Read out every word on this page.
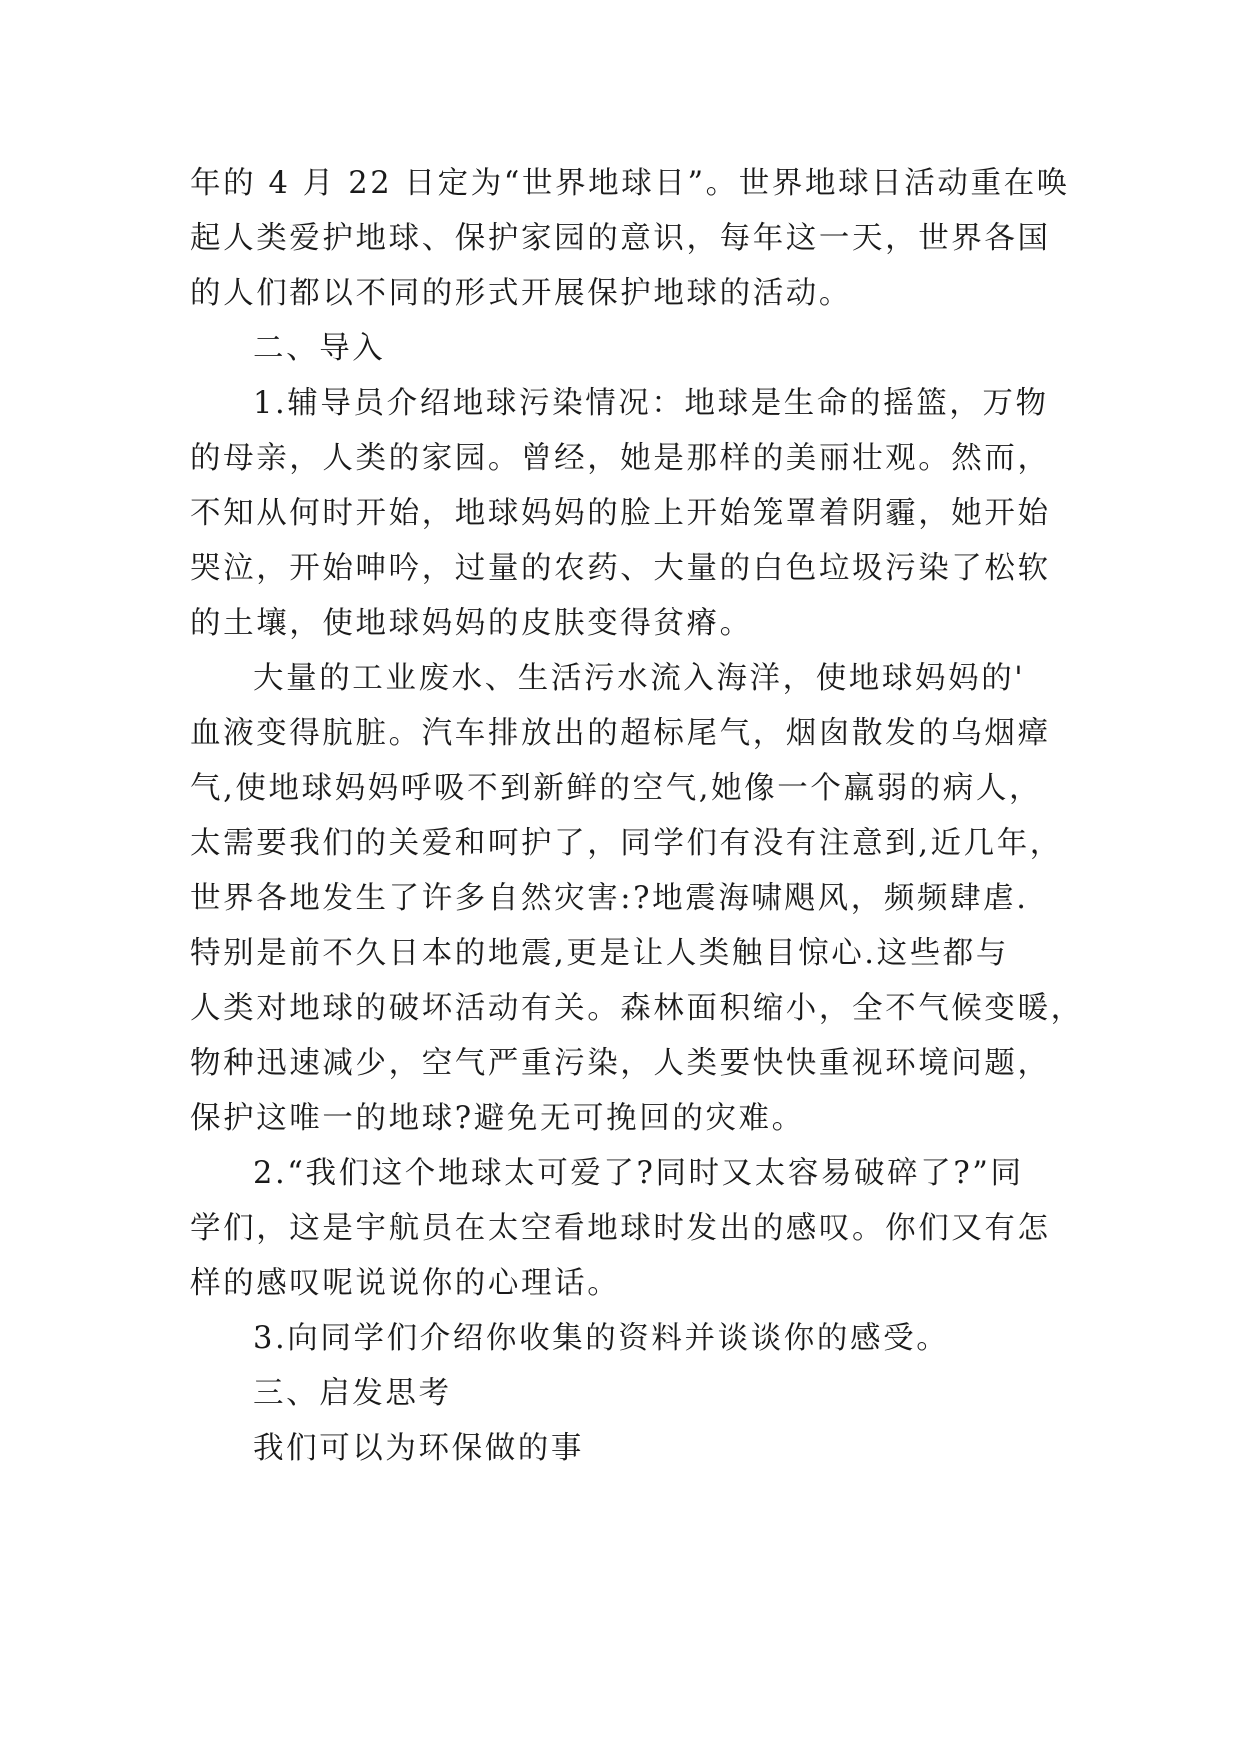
年的 4 月 22 日定为“世界地球日”。世界地球日活动重在唤
起人类爱护地球、保护家园的意识，每年这一天，世界各国
的人们都以不同的形式开展保护地球的活动。
二、导入
1.辅导员介绍地球污染情况：地球是生命的摇篮，万物
的母亲，人类的家园。曾经，她是那样的美丽壮观。然而，
不知从何时开始，地球妈妈的脸上开始笼罩着阴霾，她开始
哭泣，开始呻吟，过量的农药、大量的白色垃圾污染了松软
的土壤，使地球妈妈的皮肤变得贫瘠。
大量的工业废水、生活污水流入海洋，使地球妈妈的'
血液变得肮脏。汽车排放出的超标尾气，烟囱散发的乌烟瘴
气,使地球妈妈呼吸不到新鲜的空气,她像一个羸弱的病人，
太需要我们的关爱和呵护了，同学们有没有注意到,近几年，
世界各地发生了许多自然灾害:?地震海啸飓风，频频肆虐.
特别是前不久日本的地震,更是让人类触目惊心.这些都与
人类对地球的破坏活动有关。森林面积缩小，全不气候变暖，
物种迅速减少，空气严重污染，人类要快快重视环境问题，
保护这唯一的地球?避免无可挽回的灾难。
2.“我们这个地球太可爱了?同时又太容易破碎了?”同
学们，这是宇航员在太空看地球时发出的感叹。你们又有怎
样的感叹呢说说你的心理话。
3.向同学们介绍你收集的资料并谈谈你的感受。
三、启发思考
我们可以为环保做的事
